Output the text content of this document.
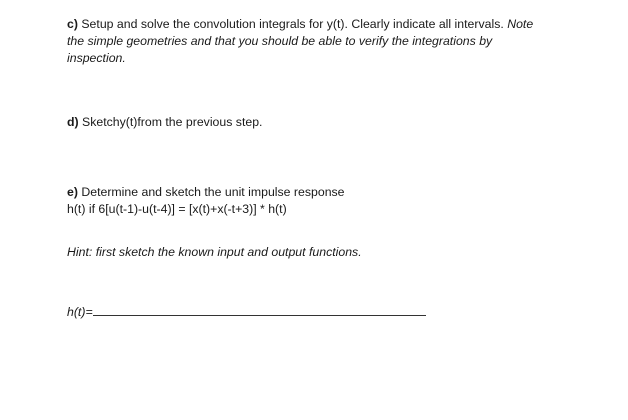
c) Setup and solve the convolution integrals for y(t). Clearly indicate all intervals. Note
the simple geometries and that you should be able to verify the integrations by
inspection.
d) Sketchy(t)from the previous step.
e) Determine and sketch the unit impulse response
h(t) if 6[u(t-1)-u(t-4)] = [x(t)+x(-t+3)] * h(t)
Hint: first sketch the known input and output functions.
h(t)=
